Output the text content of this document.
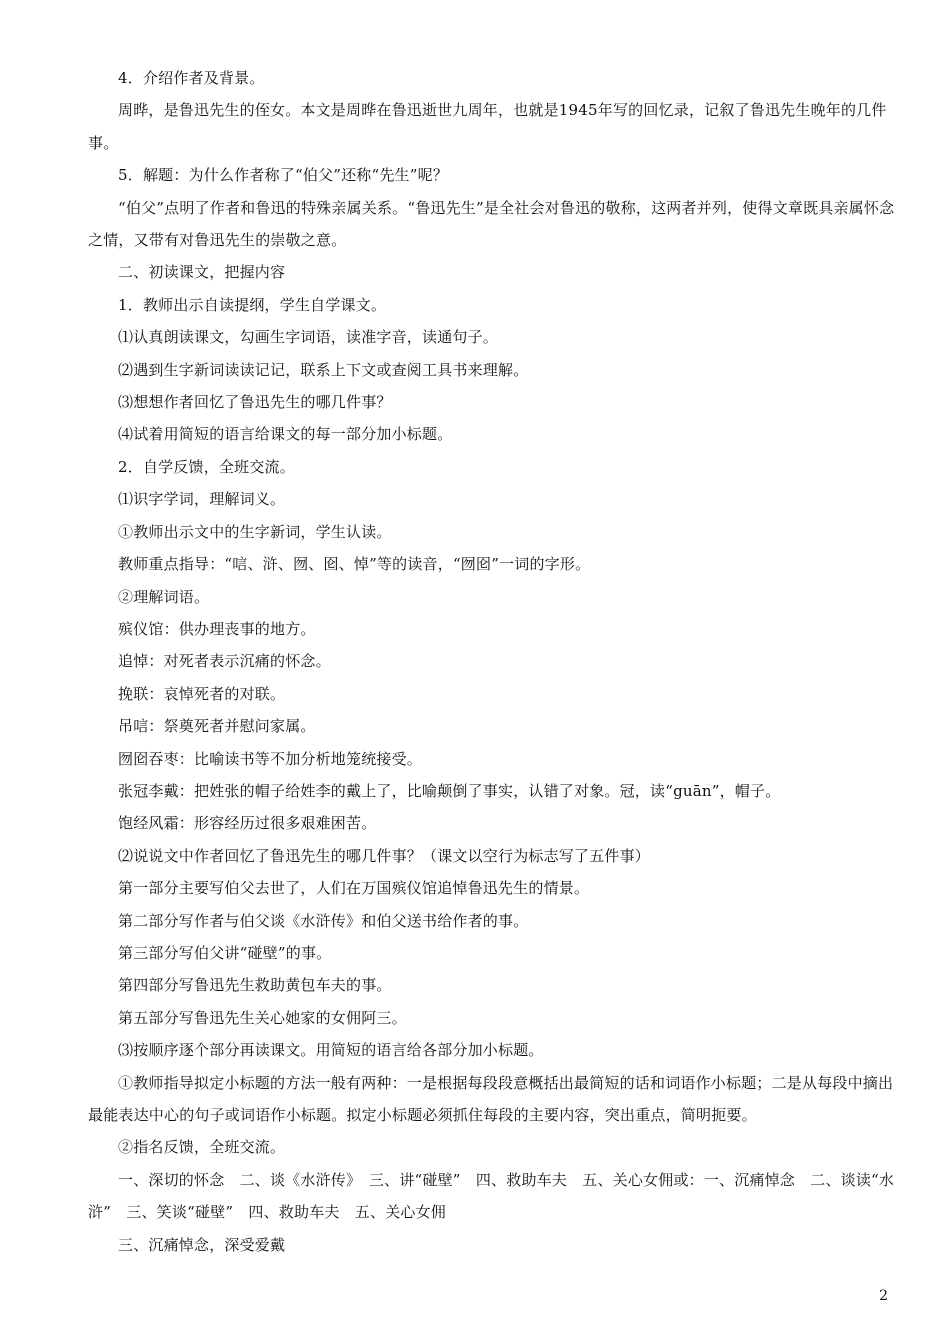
4．介绍作者及背景。

周晔，是鲁迅先生的侄女。本文是周晔在鲁迅逝世九周年，也就是1945年写的回忆录，记叙了鲁迅先生晚年的几件事。

5．解题：为什么作者称了“伯父”还称“先生”呢？

“伯父”点明了作者和鲁迅的特殊亲属关系。“鲁迅先生”是全社会对鲁迅的敬称，这两者并列，使得文章既具亲属怀念之情，又带有对鲁迅先生的崇敬之意。

二、初读课文，把握内容

1．教师出示自读提纲，学生自学课文。

⑴认真朗读课文，勾画生字词语，读准字音，读通句子。

⑵遇到生字新词读读记记，联系上下文或查阅工具书来理解。

⑶想想作者回忆了鲁迅先生的哪几件事？

⑷试着用简短的语言给课文的每一部分加小标题。

2．自学反馈，全班交流。

⑴识字学词，理解词义。

①教师出示文中的生字新词，学生认读。

教师重点指导：“唁、浒、囫、囵、悼”等的读音，“囫囵”一词的字形。

②理解词语。

殡仪馆：供办理丧事的地方。

追悼：对死者表示沉痛的怀念。

挽联：哀悼死者的对联。

吊唁：祭奠死者并慰问家属。

囫囵吞枣：比喻读书等不加分析地笼统接受。

张冠李戴：把姓张的帽子给姓李的戴上了，比喻颠倒了事实，认错了对象。冠，读“guān”，帽子。

饱经风霜：形容经历过很多艰难困苦。

⑵说说文中作者回忆了鲁迅先生的哪几件事？（课文以空行为标志写了五件事）

第一部分主要写伯父去世了，人们在万国殡仪馆追悼鲁迅先生的情景。

第二部分写作者与伯父谈《水浒传》和伯父送书给作者的事。

第三部分写伯父讲“碰壁”的事。

第四部分写鲁迅先生救助黄包车夫的事。

第五部分写鲁迅先生关心她家的女佣阿三。

⑶按顺序逐个部分再读课文。用简短的语言给各部分加小标题。

①教师指导拟定小标题的方法一般有两种：一是根据每段段意概括出最简短的话和词语作小标题；二是从每段中摘出最能表达中心的句子或词语作小标题。拟定小标题必须抓住每段的主要内容，突出重点，简明扼要。

②指名反馈，全班交流。

一、深切的怀念　二、谈《水浒传》　三、讲“碰壁”　四、救助车夫　五、关心女佣或：一、沉痛悼念　二、谈读“水浒”　三、笑谈“碰壁”　四、救助车夫　五、关心女佣

三、沉痛悼念，深受爱戴

2
